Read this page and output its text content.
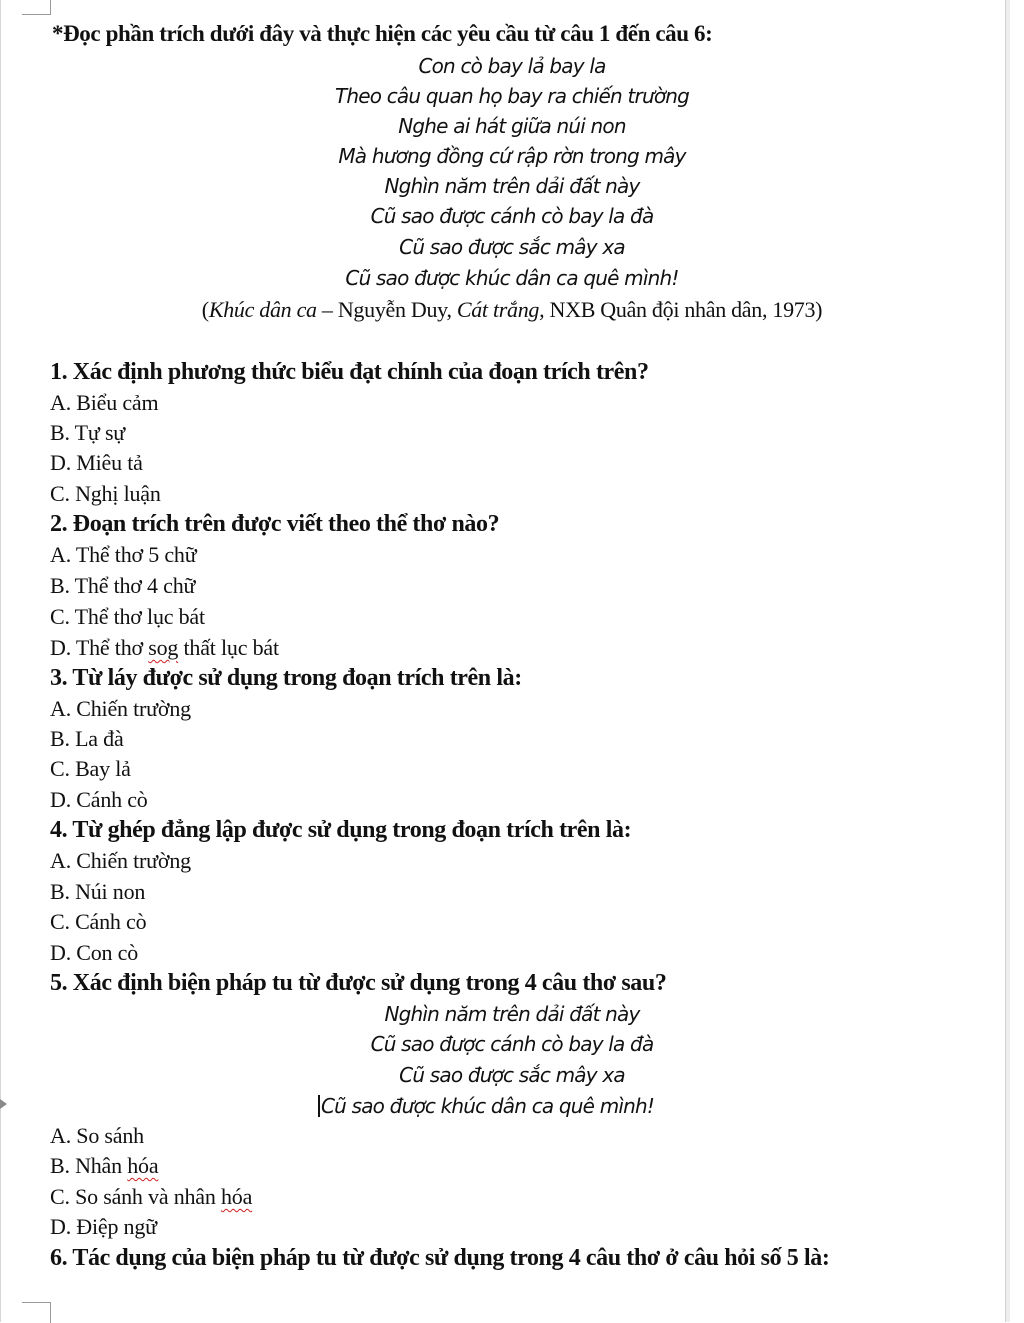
*Đọc phần trích dưới đây và thực hiện các yêu cầu từ câu 1 đến câu 6:
Con cò bay lả bay la
Theo câu quan họ bay ra chiến trường
Nghe ai hát giữa núi non
Mà hương đồng cứ rập rờn trong mây
Nghìn năm trên dải đất này
Cũ sao được cánh cò bay la đà
Cũ sao được sắc mây xa
Cũ sao được khúc dân ca quê mình!
(Khúc dân ca – Nguyễn Duy, Cát trắng, NXB Quân đội nhân dân, 1973)
1. Xác định phương thức biểu đạt chính của đoạn trích trên?
A. Biểu cảm
B. Tự sự
D. Miêu tả
C. Nghị luận
2. Đoạn trích trên được viết theo thể thơ nào?
A. Thể thơ 5 chữ
B. Thể thơ 4 chữ
C. Thể thơ lục bát
D. Thể thơ sog thất lục bát
3. Từ láy được sử dụng trong đoạn trích trên là:
A. Chiến trường
B. La đà
C. Bay lả
D. Cánh cò
4. Từ ghép đẳng lập được sử dụng trong đoạn trích trên là:
A. Chiến trường
B. Núi non
C. Cánh cò
D. Con cò
5. Xác định biện pháp tu từ được sử dụng trong 4 câu thơ sau?
Nghìn năm trên dải đất này
Cũ sao được cánh cò bay la đà
Cũ sao được sắc mây xa
Cũ sao được khúc dân ca quê mình!
A. So sánh
B. Nhân hóa
C. So sánh và nhân hóa
D. Điệp ngữ
6. Tác dụng của biện pháp tu từ được sử dụng trong 4 câu thơ ở câu hỏi số 5 là:
